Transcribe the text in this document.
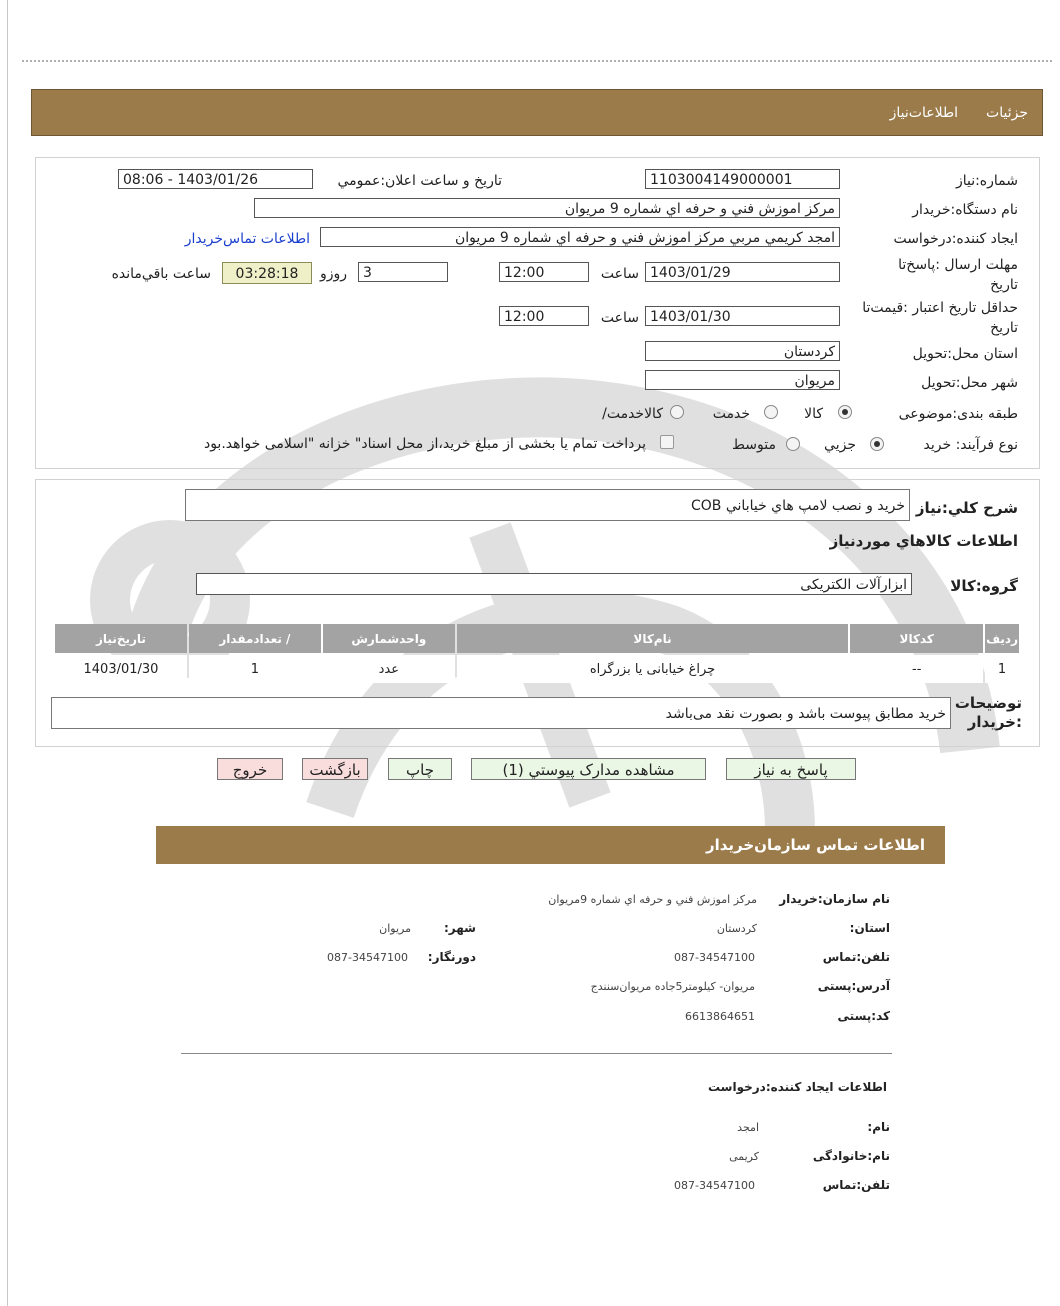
جزئیات
اطلاعات‌نیاز
شماره:نیاز
1103004149000001
تاریخ و ساعت اعلان:عمومي
1403/01/26 - 08:06
نام دستگاه:خریدار
مرکز اموزش فني و حرفه اي شماره 9 مريوان
ایجاد کننده:درخواست
امجد کريمي مربي مرکز اموزش فني و حرفه اي شماره 9 مريوان
اطلاعات تماس‌خریدار
مهلت ارسال :پاسخ‌تا تاریخ
1403/01/29
ساعت
12:00
3
روزو
03:28:18
ساعت باقي‌مانده
حداقل تاریخ اعتبار :قیمت‌تا تاریخ
1403/01/30
ساعت
12:00
استان محل:تحویل
کردستان
شهر محل:تحویل
مریوان
طبقه بندی:موضوعی
کالا
خدمت
کالاخدمت/
نوع فرآیند: خرید
جزيي
متوسط
پرداخت تمام یا بخشی از مبلغ خرید،از محل اسناد" خزانه "اسلامی خواهد.بود
شرح کلي:نياز
خريد و نصب لامپ هاي خياباني COB
اطلاعات کالاهاي موردنياز
گروه:کالا
ابزارآلات الکتریکی
رديف	کدکالا	نام‌کالا	واحدشمارش	/ تعدادمقدار	تاریخ‌نیاز
1	--	چراغ خیابانی یا بزرگراه	عدد	1	1403/01/30
توضیحات :خریدار
خرید مطابق پیوست باشد و بصورت نقد می‌باشد
پاسخ به نياز
مشاهده مدارک پيوستي (1)
چاپ
بازگشت
خروج
اطلاعات تماس سازمان‌خریدار
نام سازمان:خریدار
مرکز اموزش فني و حرفه اي شماره 9مريوان
استان:
کردستان
شهر:
مریوان
تلفن:تماس
087-34547100
دورنگار:
087-34547100
آدرس:پستی
مریوان- کیلومتر5جاده مریوان‌سنندج
کد:پستی
6613864651
اطلاعات ایجاد کننده:درخواست
نام:
امجد
نام:خانوادگی
کریمی
تلفن:تماس
087-34547100
